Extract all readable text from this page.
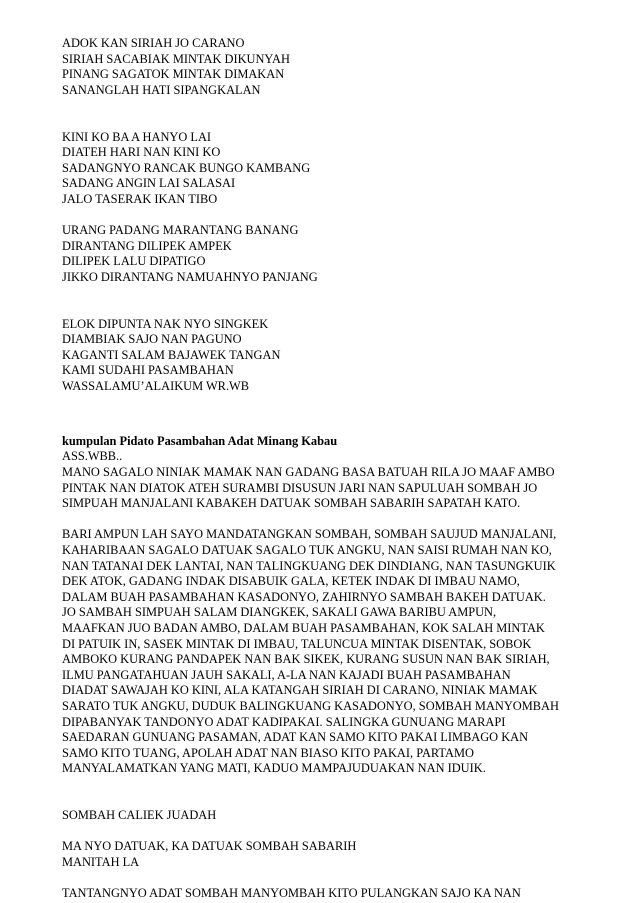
ADOK KAN SIRIAH JO CARANO
SIRIAH SACABIAK MINTAK DIKUNYAH
PINANG SAGATOK MINTAK DIMAKAN
SANANGLAH HATI SIPANGKALAN
KINI KO BA A HANYO LAI
DIATEH HARI NAN KINI KO
SADANGNYO RANCAK BUNGO KAMBANG
SADANG ANGIN LAI SALASAI
JALO TASERAK IKAN TIBO
URANG PADANG MARANTANG BANANG
DIRANTANG DILIPEK AMPEK
DILIPEK LALU DIPATIGO
JIKKO DIRANTANG NAMUAHNYO PANJANG
ELOK DIPUNTA NAK NYO SINGKEK
DIAMBIAK SAJO NAN PAGUNO
KAGANTI SALAM BAJAWEK TANGAN
KAMI SUDAHI PASAMBAHAN
WASSALAMU’ALAIKUM WR.WB
kumpulan Pidato Pasambahan Adat Minang Kabau
ASS.WBB..
MANO SAGALO NINIAK MAMAK NAN GADANG BASA BATUAH RILA JO MAAF AMBO
PINTAK NAN DIATOK ATEH SURAMBI DISUSUN JARI NAN SAPULUAH SOMBAH JO
SIMPUAH MANJALANI KABAKEH DATUAK SOMBAH SABARIH SAPATAH KATO.
BARI AMPUN LAH SAYO MANDATANGKAN SOMBAH, SOMBAH SAUJUD MANJALANI,
KAHARIBAAN SAGALO DATUAK SAGALO TUK ANGKU, NAN SAISI RUMAH NAN KO,
NAN TATANAI DEK LANTAI, NAN TALINGKUANG DEK DINDIANG, NAN TASUNGKUIK
DEK ATOK, GADANG INDAK DISABUIK GALA, KETEK INDAK DI IMBAU NAMO,
DALAM BUAH PASAMBAHAN KASADONYO, ZAHIRNYO SAMBAH BAKEH DATUAK.
JO SAMBAH SIMPUAH SALAM DIANGKEK, SAKALI GAWA BARIBU AMPUN,
MAAFKAN JUO BADAN AMBO, DALAM BUAH PASAMBAHAN, KOK SALAH MINTAK
DI PATUIK IN, SASEK MINTAK DI IMBAU, TALUNCUA MINTAK DISENTAK, SOBOK
AMBOKO KURANG PANDAPEK NAN BAK SIKEK, KURANG SUSUN NAN BAK SIRIAH,
ILMU PANGATAHUAN JAUH SAKALI, A-LA NAN KAJADI BUAH PASAMBAHAN
DIADAT SAWAJAH KO KINI, ALA KATANGAH SIRIAH DI CARANO, NINIAK MAMAK
SARATO TUK ANGKU, DUDUK BALINGKUANG KASADONYO, SOMBAH MANYOMBAH
DIPABANYAK TANDONYO ADAT KADIPAKAI. SALINGKA GUNUANG MARAPI
SAEDARAN GUNUANG PASAMAN, ADAT KAN SAMO KITO PAKAI LIMBAGO KAN
SAMO KITO TUANG, APOLAH ADAT NAN BIASO KITO PAKAI, PARTAMO
MANYALAMATKAN YANG MATI, KADUO MAMPAJUDUAKAN NAN IDUIK.
SOMBAH CALIEK JUADAH
MA NYO DATUAK, KA DATUAK SOMBAH SABARIH
MANITAH LA
TANTANGNYO ADAT SOMBAH MANYOMBAH KITO PULANGKAN SAJO KA NAN
